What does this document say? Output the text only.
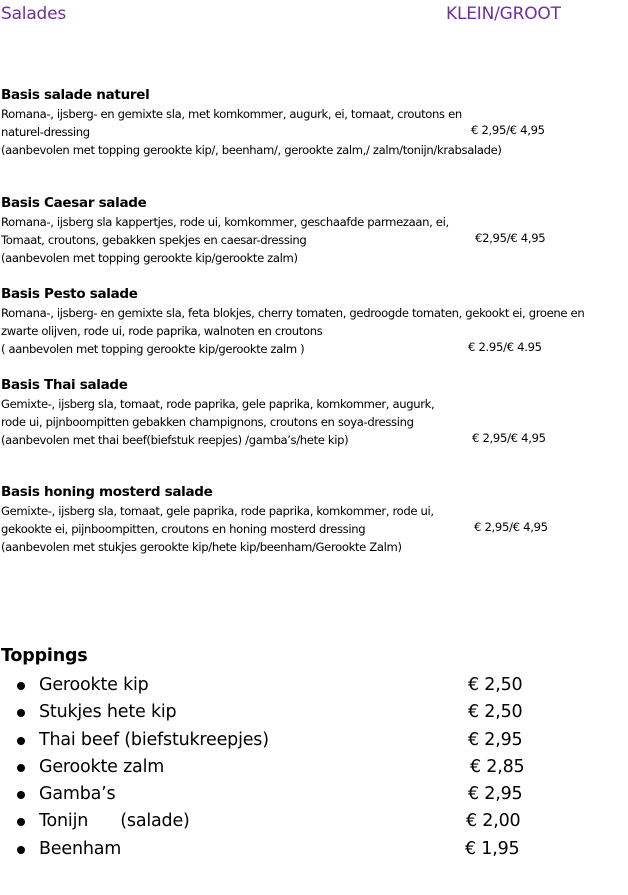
Salades	KLEIN/GROOT
Basis salade naturel
Romana-, ijsberg- en gemixte sla, met komkommer, augurk, ei, tomaat, croutons en
naturel-dressing
(aanbevolen met topping gerookte kip/, beenham/, gerookte zalm,/ zalm/tonijn/krabsalade)
€ 2,95/€ 4,95
Basis Caesar salade
Romana-, ijsberg sla kappertjes, rode ui, komkommer, geschaafde parmezaan, ei,
Tomaat, croutons, gebakken spekjes en caesar-dressing
(aanbevolen met topping gerookte kip/gerookte zalm)
€2,95/€ 4,95
Basis Pesto salade
Romana-, ijsberg- en gemixte sla, feta blokjes, cherry tomaten, gedroogde tomaten, gekookt ei, groene en
zwarte olijven, rode ui, rode paprika, walnoten en croutons
( aanbevolen met topping gerookte kip/gerookte zalm )	€ 2.95/€ 4.95
Basis Thai salade
Gemixte-, ijsberg sla, tomaat, rode paprika, gele paprika, komkommer, augurk,
rode ui, pijnboompitten gebakken champignons, croutons en soya-dressing
(aanbevolen met thai beef(biefstuk reepjes) /gamba’s/hete kip)	€ 2,95/€ 4,95
Basis honing mosterd salade
Gemixte-, ijsberg sla, tomaat, gele paprika, rode paprika, komkommer, rode ui,
gekookte ei, pijnboompitten, croutons en honing mosterd dressing
(aanbevolen met stukjes gerookte kip/hete kip/beenham/Gerookte Zalm)
€ 2,95/€ 4,95
Toppings
Gerookte kip	€ 2,50
Stukjes hete kip	€ 2,50
Thai beef (biefstukreepjes)	€ 2,95
Gerookte zalm	€ 2,85
Gamba’s	€ 2,95
Tonijn      (salade)	€ 2,00
Beenham	€ 1,95
